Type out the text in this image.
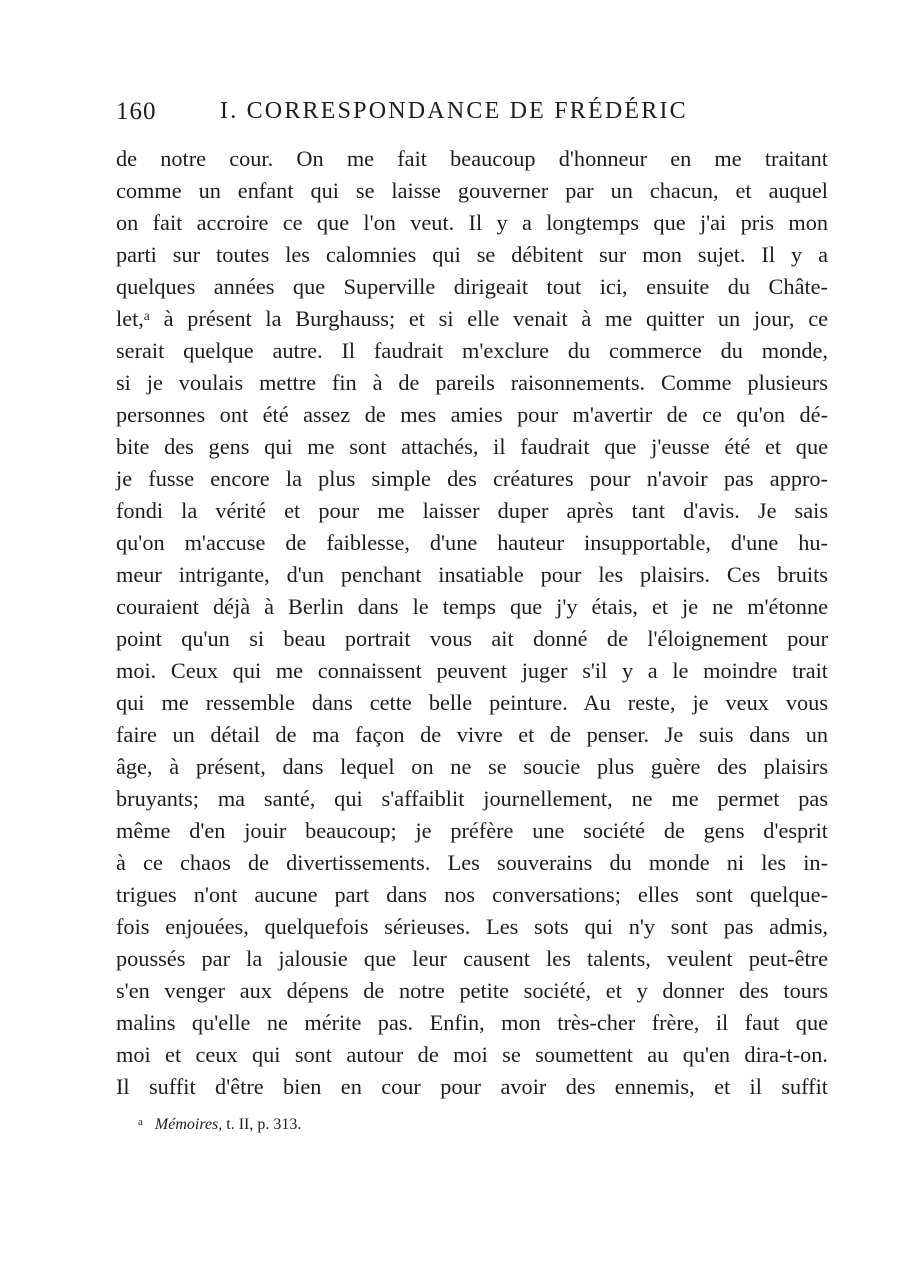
160	I. CORRESPONDANCE DE FRÉDÉRIC
de notre cour. On me fait beaucoup d'honneur en me traitant
comme un enfant qui se laisse gouverner par un chacun, et auquel
on fait accroire ce que l'on veut. Il y a longtemps que j'ai pris mon
parti sur toutes les calomnies qui se débitent sur mon sujet. Il y a
quelques années que Superville dirigeait tout ici, ensuite du Châte-
let,ᵃ à présent la Burghauss; et si elle venait à me quitter un jour, ce
serait quelque autre. Il faudrait m'exclure du commerce du monde,
si je voulais mettre fin à de pareils raisonnements. Comme plusieurs
personnes ont été assez de mes amies pour m'avertir de ce qu'on dé-
bite des gens qui me sont attachés, il faudrait que j'eusse été et que
je fusse encore la plus simple des créatures pour n'avoir pas appro-
fondi la vérité et pour me laisser duper après tant d'avis. Je sais
qu'on m'accuse de faiblesse, d'une hauteur insupportable, d'une hu-
meur intrigante, d'un penchant insatiable pour les plaisirs. Ces bruits
couraient déjà à Berlin dans le temps que j'y étais, et je ne m'étonne
point qu'un si beau portrait vous ait donné de l'éloignement pour
moi. Ceux qui me connaissent peuvent juger s'il y a le moindre trait
qui me ressemble dans cette belle peinture. Au reste, je veux vous
faire un détail de ma façon de vivre et de penser. Je suis dans un
âge, à présent, dans lequel on ne se soucie plus guère des plaisirs
bruyants; ma santé, qui s'affaiblit journellement, ne me permet pas
même d'en jouir beaucoup; je préfère une société de gens d'esprit
à ce chaos de divertissements. Les souverains du monde ni les in-
trigues n'ont aucune part dans nos conversations; elles sont quelque-
fois enjouées, quelquefois sérieuses. Les sots qui n'y sont pas admis,
poussés par la jalousie que leur causent les talents, veulent peut-être
s'en venger aux dépens de notre petite société, et y donner des tours
malins qu'elle ne mérite pas. Enfin, mon très-cher frère, il faut que
moi et ceux qui sont autour de moi se soumettent au qu'en dira-t-on.
Il suffit d'être bien en cour pour avoir des ennemis, et il suffit
$^a$ Mémoires, t. II, p. 313.
